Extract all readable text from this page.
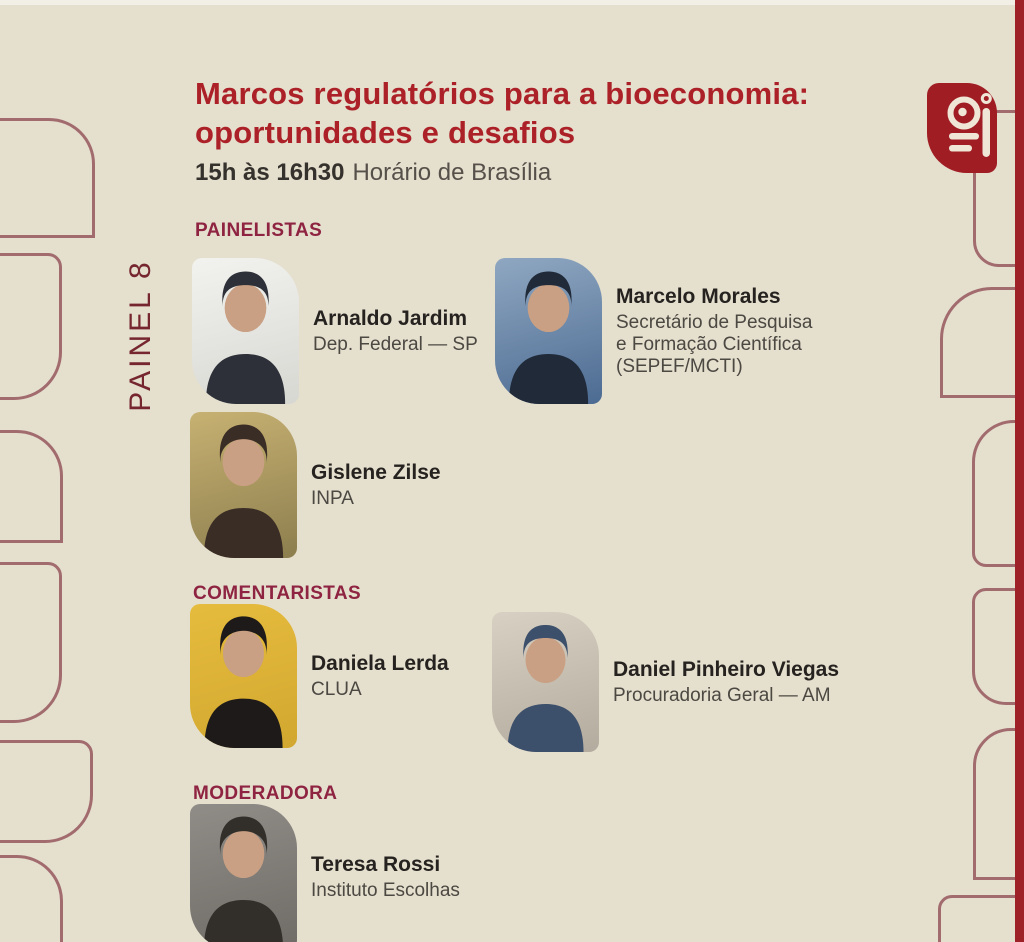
PAINEL 8
Marcos regulatórios para a bioeconomia:
oportunidades e desafios
15h às 16h30 Horário de Brasília
PAINELISTAS
COMENTARISTAS
MODERADORA
Arnaldo Jardim
Dep. Federal — SP
Marcelo Morales
Secretário de Pesquisa
e Formação Científica
(SEPEF/MCTI)
Gislene Zilse
INPA
Daniela Lerda
CLUA
Daniel Pinheiro Viegas
Procuradoria Geral — AM
Teresa Rossi
Instituto Escolhas
